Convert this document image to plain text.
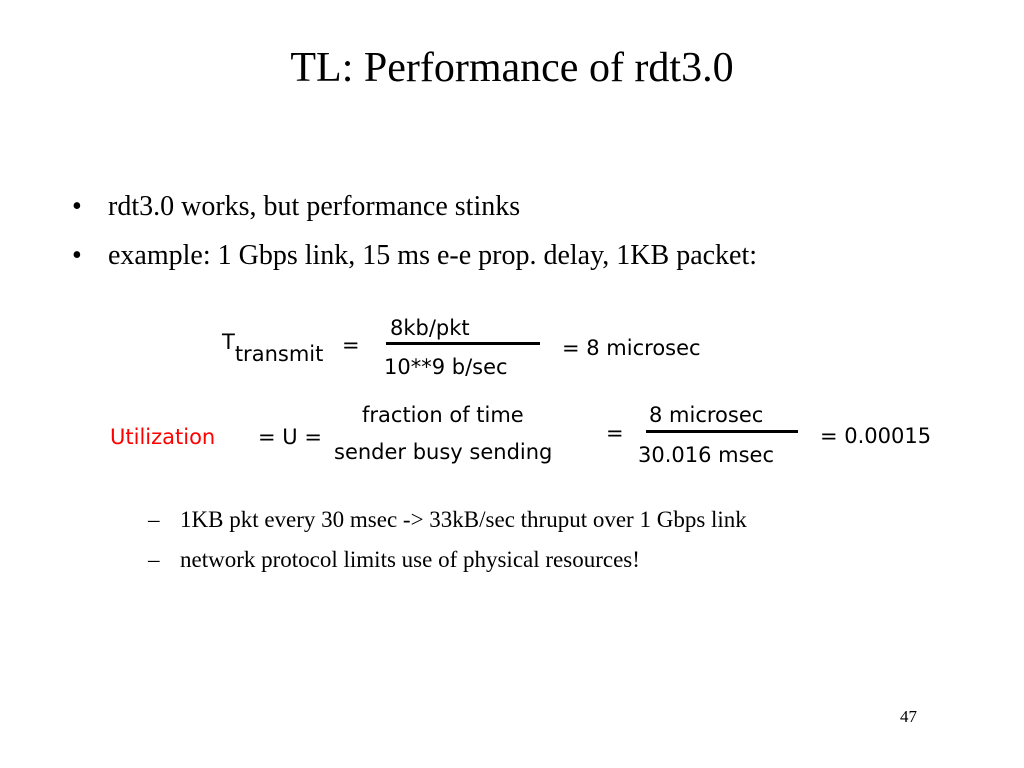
TL: Performance of rdt3.0
• rdt3.0 works, but performance stinks
• example: 1 Gbps link, 15 ms e-e prop. delay, 1KB packet:
Ttransmit =
8kb/pkt
10**9 b/sec
= 8 microsec
Utilization = U =
fraction of time
sender busy sending
=
8 microsec
30.016 msec
= 0.00015
– 1KB pkt every 30 msec -> 33kB/sec thruput over 1 Gbps link
– network protocol limits use of physical resources!
47
